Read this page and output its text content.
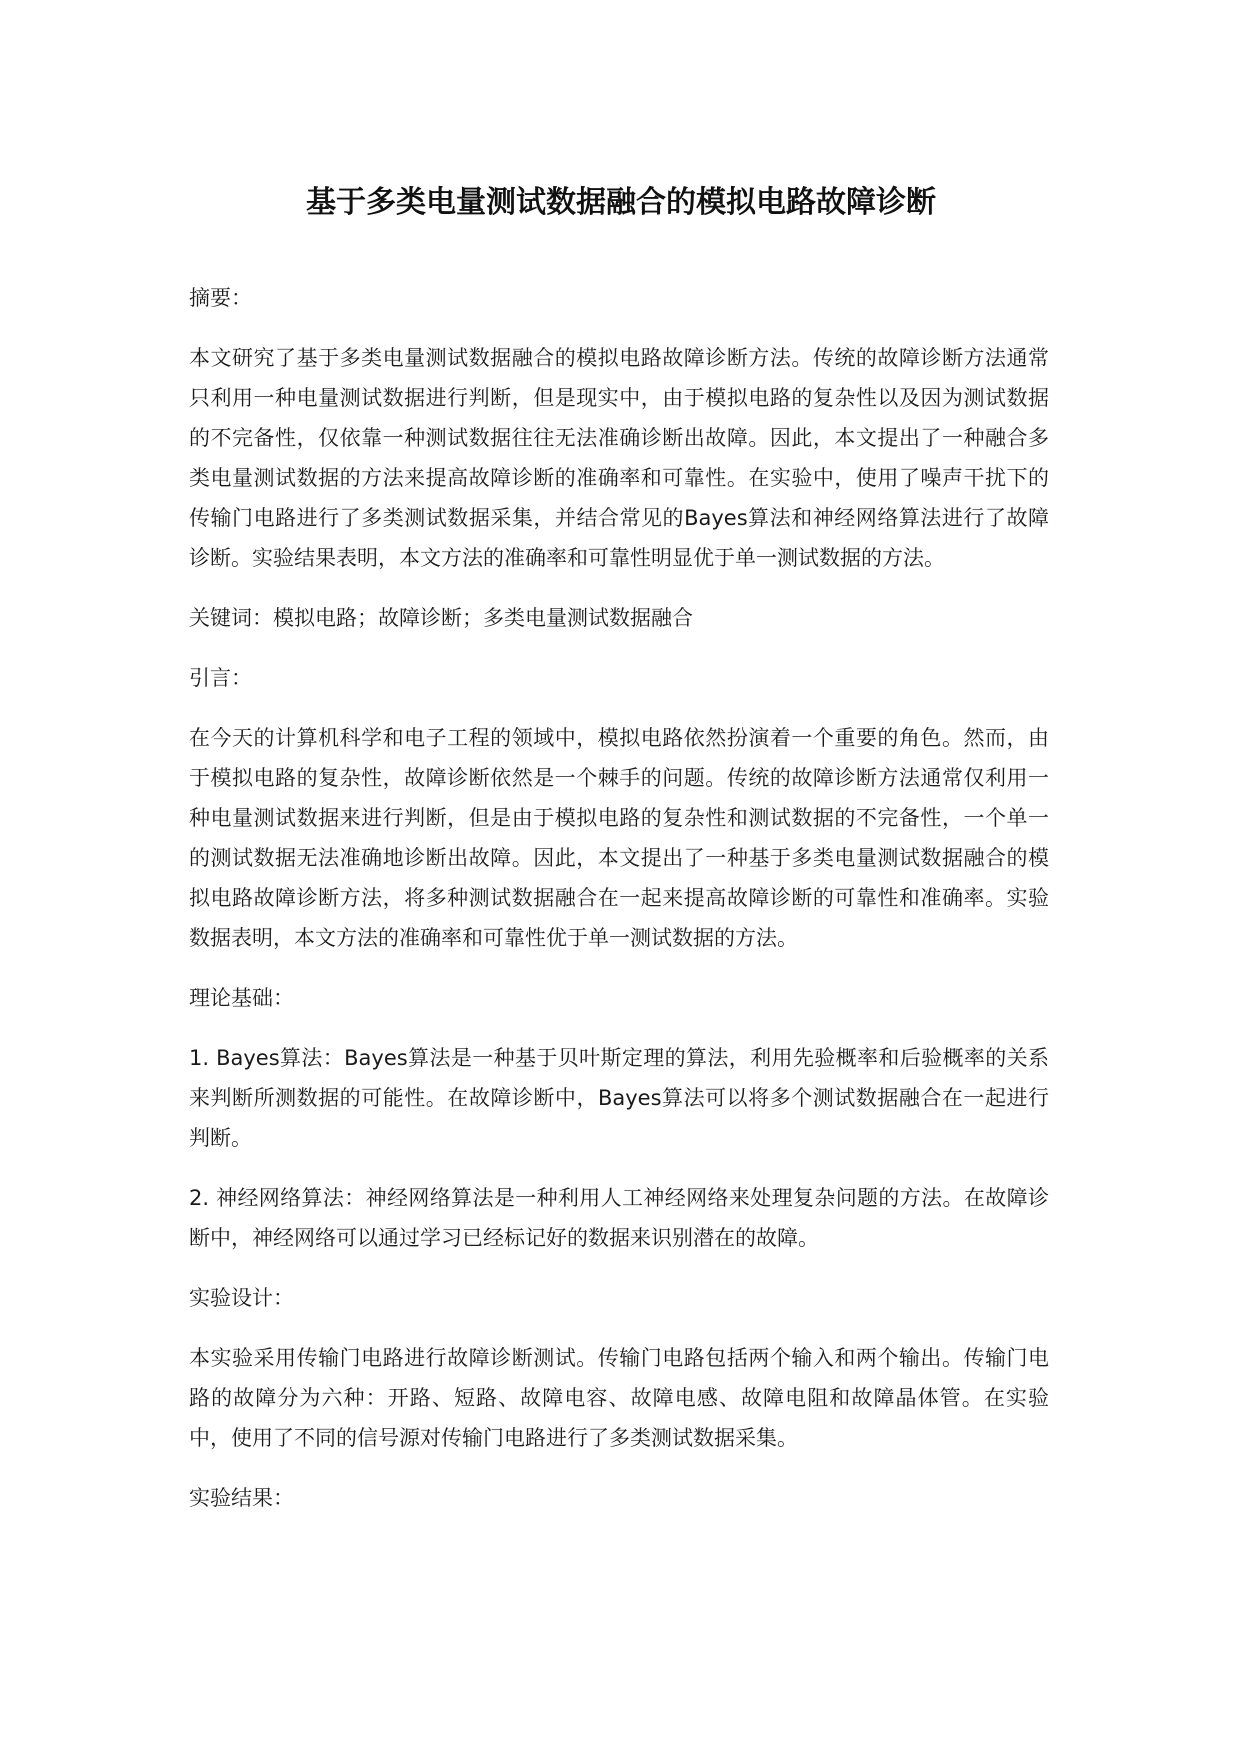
基于多类电量测试数据融合的模拟电路故障诊断
摘要：
本文研究了基于多类电量测试数据融合的模拟电路故障诊断方法。传统的故障诊断方法通常只利用一种电量测试数据进行判断，但是现实中，由于模拟电路的复杂性以及因为测试数据的不完备性，仅依靠一种测试数据往往无法准确诊断出故障。因此，本文提出了一种融合多类电量测试数据的方法来提高故障诊断的准确率和可靠性。在实验中，使用了噪声干扰下的传输门电路进行了多类测试数据采集，并结合常见的Bayes算法和神经网络算法进行了故障诊断。实验结果表明，本文方法的准确率和可靠性明显优于单一测试数据的方法。
关键词：模拟电路；故障诊断；多类电量测试数据融合
引言：
在今天的计算机科学和电子工程的领域中，模拟电路依然扮演着一个重要的角色。然而，由于模拟电路的复杂性，故障诊断依然是一个棘手的问题。传统的故障诊断方法通常仅利用一种电量测试数据来进行判断，但是由于模拟电路的复杂性和测试数据的不完备性，一个单一的测试数据无法准确地诊断出故障。因此，本文提出了一种基于多类电量测试数据融合的模拟电路故障诊断方法，将多种测试数据融合在一起来提高故障诊断的可靠性和准确率。实验数据表明，本文方法的准确率和可靠性优于单一测试数据的方法。
理论基础：
1. Bayes算法：Bayes算法是一种基于贝叶斯定理的算法，利用先验概率和后验概率的关系来判断所测数据的可能性。在故障诊断中，Bayes算法可以将多个测试数据融合在一起进行判断。
2. 神经网络算法：神经网络算法是一种利用人工神经网络来处理复杂问题的方法。在故障诊断中，神经网络可以通过学习已经标记好的数据来识别潜在的故障。
实验设计：
本实验采用传输门电路进行故障诊断测试。传输门电路包括两个输入和两个输出。传输门电路的故障分为六种：开路、短路、故障电容、故障电感、故障电阻和故障晶体管。在实验中，使用了不同的信号源对传输门电路进行了多类测试数据采集。
实验结果：
